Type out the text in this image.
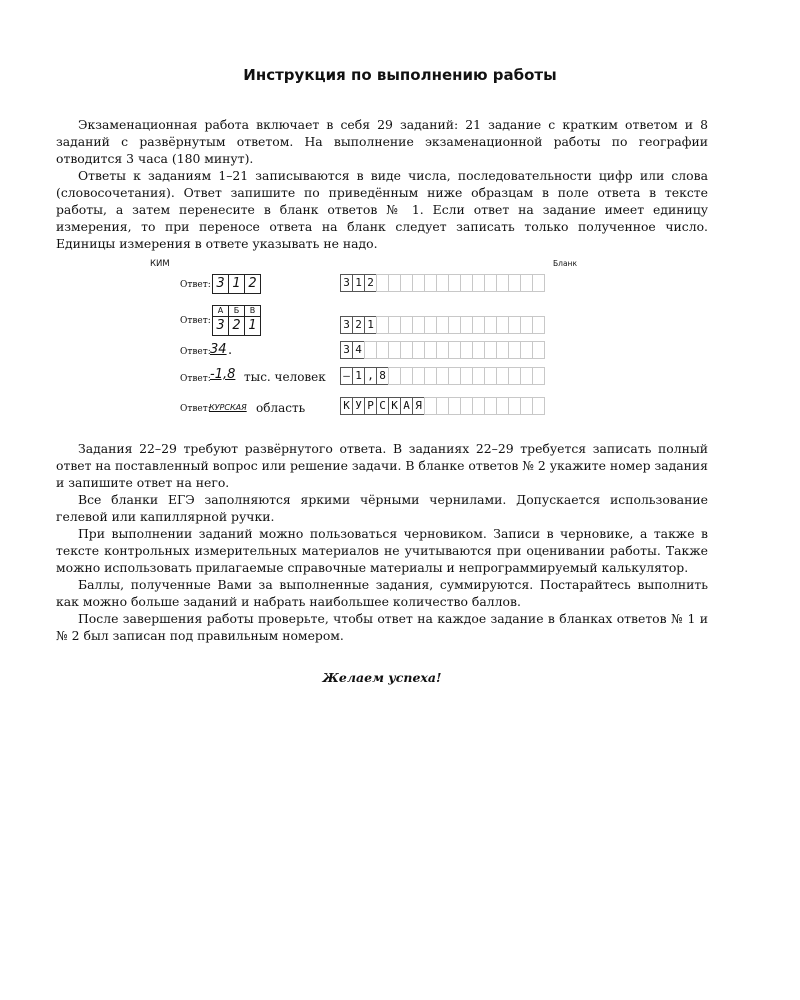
Инструкция по выполнению работы

Экзаменационная работа включает в себя 29 заданий: 21 задание с кратким ответом и 8 заданий с развёрнутым ответом. На выполнение экзаменационной работы по географии отводится 3 часа (180 минут).

Ответы к заданиям 1–21 записываются в виде числа, последовательности цифр или слова (словосочетания). Ответ запишите по приведённым ниже образцам в поле ответа в тексте работы, а затем перенесите в бланк ответов № 1. Если ответ на задание имеет единицу измерения, то при переносе ответа на бланк следует записать только полученное число. Единицы измерения в ответе указывать не надо.

КИМ	Бланк
Ответ: 3 1 2
Ответ:
А	Б	В
3 2 1
Ответ: 34 .
Ответ: -1,8 тыс. человек
Ответ:
КУРСКАЯ область
3 1 2
3 2 1
3 4
– 1 , 8
К У Р С К А Я

Задания 22–29 требуют развёрнутого ответа. В заданиях 22–29 требуется записать полный ответ на поставленный вопрос или решение задачи. В бланке ответов № 2 укажите номер задания и запишите ответ на него.

Все бланки ЕГЭ заполняются яркими чёрными чернилами. Допускается использование гелевой или капиллярной ручки.

При выполнении заданий можно пользоваться черновиком. Записи в черновике, а также в тексте контрольных измерительных материалов не учитываются при оценивании работы. Также можно использовать прилагаемые справочные материалы и непрограммируемый калькулятор.

Баллы, полученные Вами за выполненные задания, суммируются. Постарайтесь выполнить как можно больше заданий и набрать наибольшее количество баллов.

После завершения работы проверьте, чтобы ответ на каждое задание в бланках ответов № 1 и № 2 был записан под правильным номером.

Желаем успеха!
